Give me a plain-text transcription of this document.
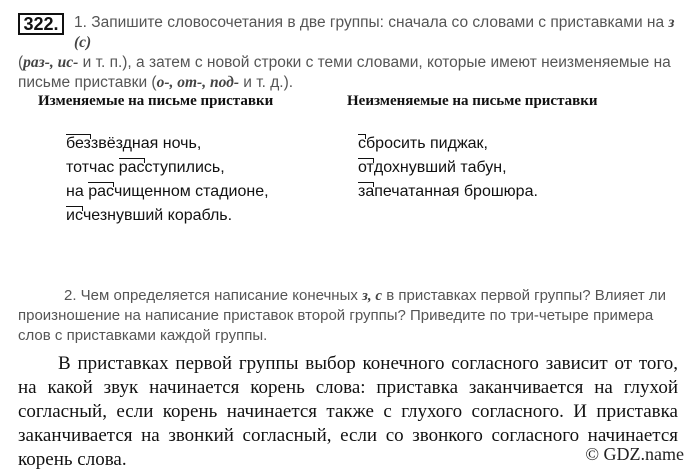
322. 1. Запишите словосочетания в две группы: сначала со словами с приставками на з (с)
(раз-, ис- и т. п.), а затем с новой строки с теми словами, которые имеют неизменяемые на
письме приставки (о-, от-, под- и т. д.).
Изменяемые на письме приставки	Неизменяемые на письме приставки
беззвёздная ночь,
тотчас расступились,
на расчищенном стадионе,
исчезнувший корабль.
сбросить пиджак,
отдохнувший табун,
запечатанная брошюра.
2. Чем определяется написание конечных з, с в приставках первой группы? Влияет ли произношение на написание приставок второй группы? Приведите по три-четыре примера слов с приставками каждой группы.
В приставках первой группы выбор конечного согласного зависит от того, на какой звук начинается корень слова: приставка заканчивается на глухой согласный, если корень начинается также с глухого согласного. И приставка заканчивается на звонкий согласный, если со звонкого согласного начинается корень слова.	© GDZ.name
